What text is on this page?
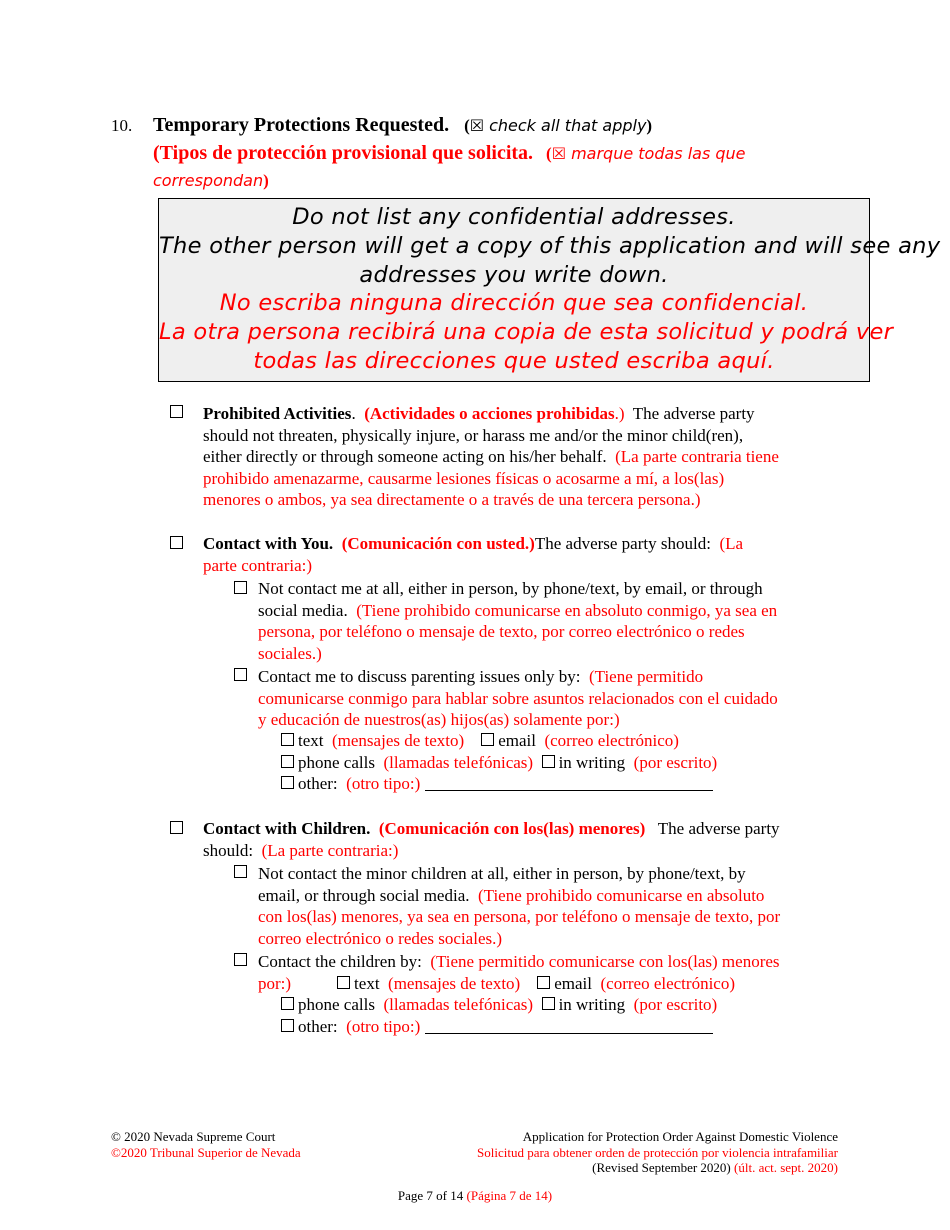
10. Temporary Protections Requested. (☒ check all that apply)
(Tipos de protección provisional que solicita. (☒ marque todas las que
correspondan)
Do not list any confidential addresses.
The other person will get a copy of this application and will see any
addresses you write down.
No escriba ninguna dirección que sea confidencial.
La otra persona recibirá una copia de esta solicitud y podrá ver
todas las direcciones que usted escriba aquí.
Prohibited Activities. (Actividades o acciones prohibidas.) The adverse party
should not threaten, physically injure, or harass me and/or the minor child(ren),
either directly or through someone acting on his/her behalf. (La parte contraria tiene
prohibido amenazarme, causarme lesiones físicas o acosarme a mí, a los(las)
menores o ambos, ya sea directamente o a través de una tercera persona.)
Contact with You. (Comunicación con usted.)The adverse party should: (La
parte contraria:)
Not contact me at all, either in person, by phone/text, by email, or through
social media. (Tiene prohibido comunicarse en absoluto conmigo, ya sea en
persona, por teléfono o mensaje de texto, por correo electrónico o redes
sociales.)
Contact me to discuss parenting issues only by: (Tiene permitido
comunicarse conmigo para hablar sobre asuntos relacionados con el cuidado
y educación de nuestros(as) hijos(as) solamente por:)
text (mensajes de texto) email (correo electrónico)
phone calls (llamadas telefónicas) in writing (por escrito)
other: (otro tipo:)
Contact with Children. (Comunicación con los(las) menores) The adverse party
should: (La parte contraria:)
Not contact the minor children at all, either in person, by phone/text, by
email, or through social media. (Tiene prohibido comunicarse en absoluto
con los(las) menores, ya sea en persona, por teléfono o mensaje de texto, por
correo electrónico o redes sociales.)
Contact the children by: (Tiene permitido comunicarse con los(las) menores
por:)	text (mensajes de texto) email (correo electrónico)
phone calls (llamadas telefónicas) in writing (por escrito)
other: (otro tipo:)
© 2020 Nevada Supreme Court
©2020 Tribunal Superior de Nevada
Application for Protection Order Against Domestic Violence
Solicitud para obtener orden de protección por violencia intrafamiliar
(Revised September 2020) (últ. act. sept. 2020)
Page 7 of 14 (Página 7 de 14)
